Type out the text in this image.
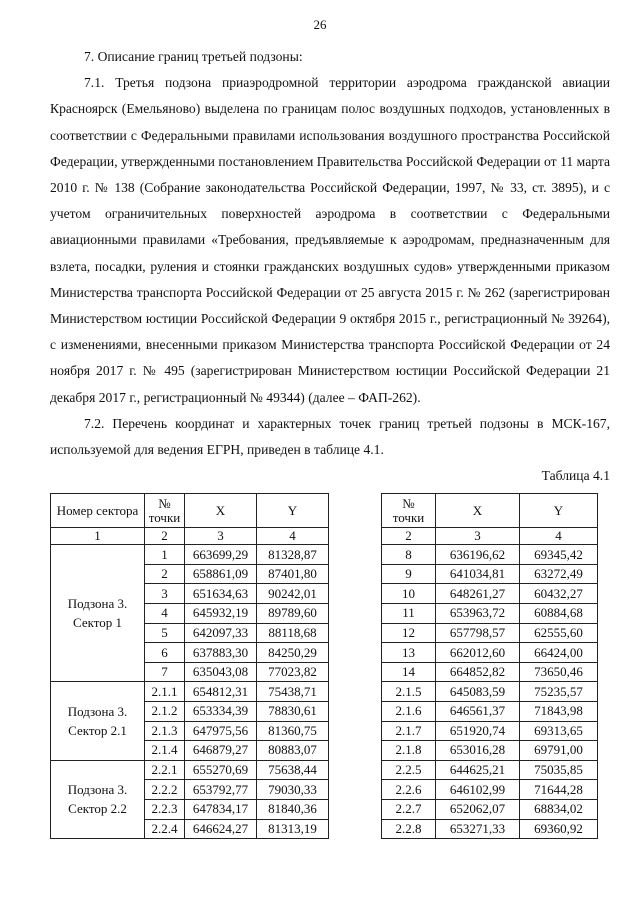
26

7. Описание границ третьей подзоны:

7.1. Третья подзона приаэродромной территории аэродрома гражданской авиации Красноярск (Емельяново) выделена по границам полос воздушных подходов, установленных в соответствии с Федеральными правилами использования воздушного пространства Российской Федерации, утвержденными постановлением Правительства Российской Федерации от 11 марта 2010 г. № 138 (Собрание законодательства Российской Федерации, 1997, № 33, ст. 3895), и с учетом ограничительных поверхностей аэродрома в соответствии с Федеральными авиационными правилами «Требования, предъявляемые к аэродромам, предназначенным для взлета, посадки, руления и стоянки гражданских воздушных судов» утвержденными приказом Министерства транспорта Российской Федерации от 25 августа 2015 г. № 262 (зарегистрирован Министерством юстиции Российской Федерации 9 октября 2015 г., регистрационный № 39264), с изменениями, внесенными приказом Министерства транспорта Российской Федерации от 24 ноября 2017 г. № 495 (зарегистрирован Министерством юстиции Российской Федерации 21 декабря 2017 г., регистрационный № 49344) (далее – ФАП-262).

7.2. Перечень координат и характерных точек границ третьей подзоны в МСК-167, используемой для ведения ЕГРН, приведен в таблице 4.1.

Таблица 4.1

Номер сектора	№ точки	X	Y
1	2	3	4
Подзона 3. Сектор 1	1	663699,29	81328,87
	2	658861,09	87401,80
	3	651634,63	90242,01
	4	645932,19	89789,60
	5	642097,33	88118,68
	6	637883,30	84250,29
	7	635043,08	77023,82
Подзона 3. Сектор 2.1	2.1.1	654812,31	75438,71
	2.1.2	653334,39	78830,61
	2.1.3	647975,56	81360,75
	2.1.4	646879,27	80883,07
Подзона 3. Сектор 2.2	2.2.1	655270,69	75638,44
	2.2.2	653792,77	79030,33
	2.2.3	647834,17	81840,36
	2.2.4	646624,27	81313,19
№ точки	X	Y
2	3	4
8	636196,62	69345,42
9	641034,81	63272,49
10	648261,27	60432,27
11	653963,72	60884,68
12	657798,57	62555,60
13	662012,60	66424,00
14	664852,82	73650,46
2.1.5	645083,59	75235,57
2.1.6	646561,37	71843,98
2.1.7	651920,74	69313,65
2.1.8	653016,28	69791,00
2.2.5	644625,21	75035,85
2.2.6	646102,99	71644,28
2.2.7	652062,07	68834,02
2.2.8	653271,33	69360,92
